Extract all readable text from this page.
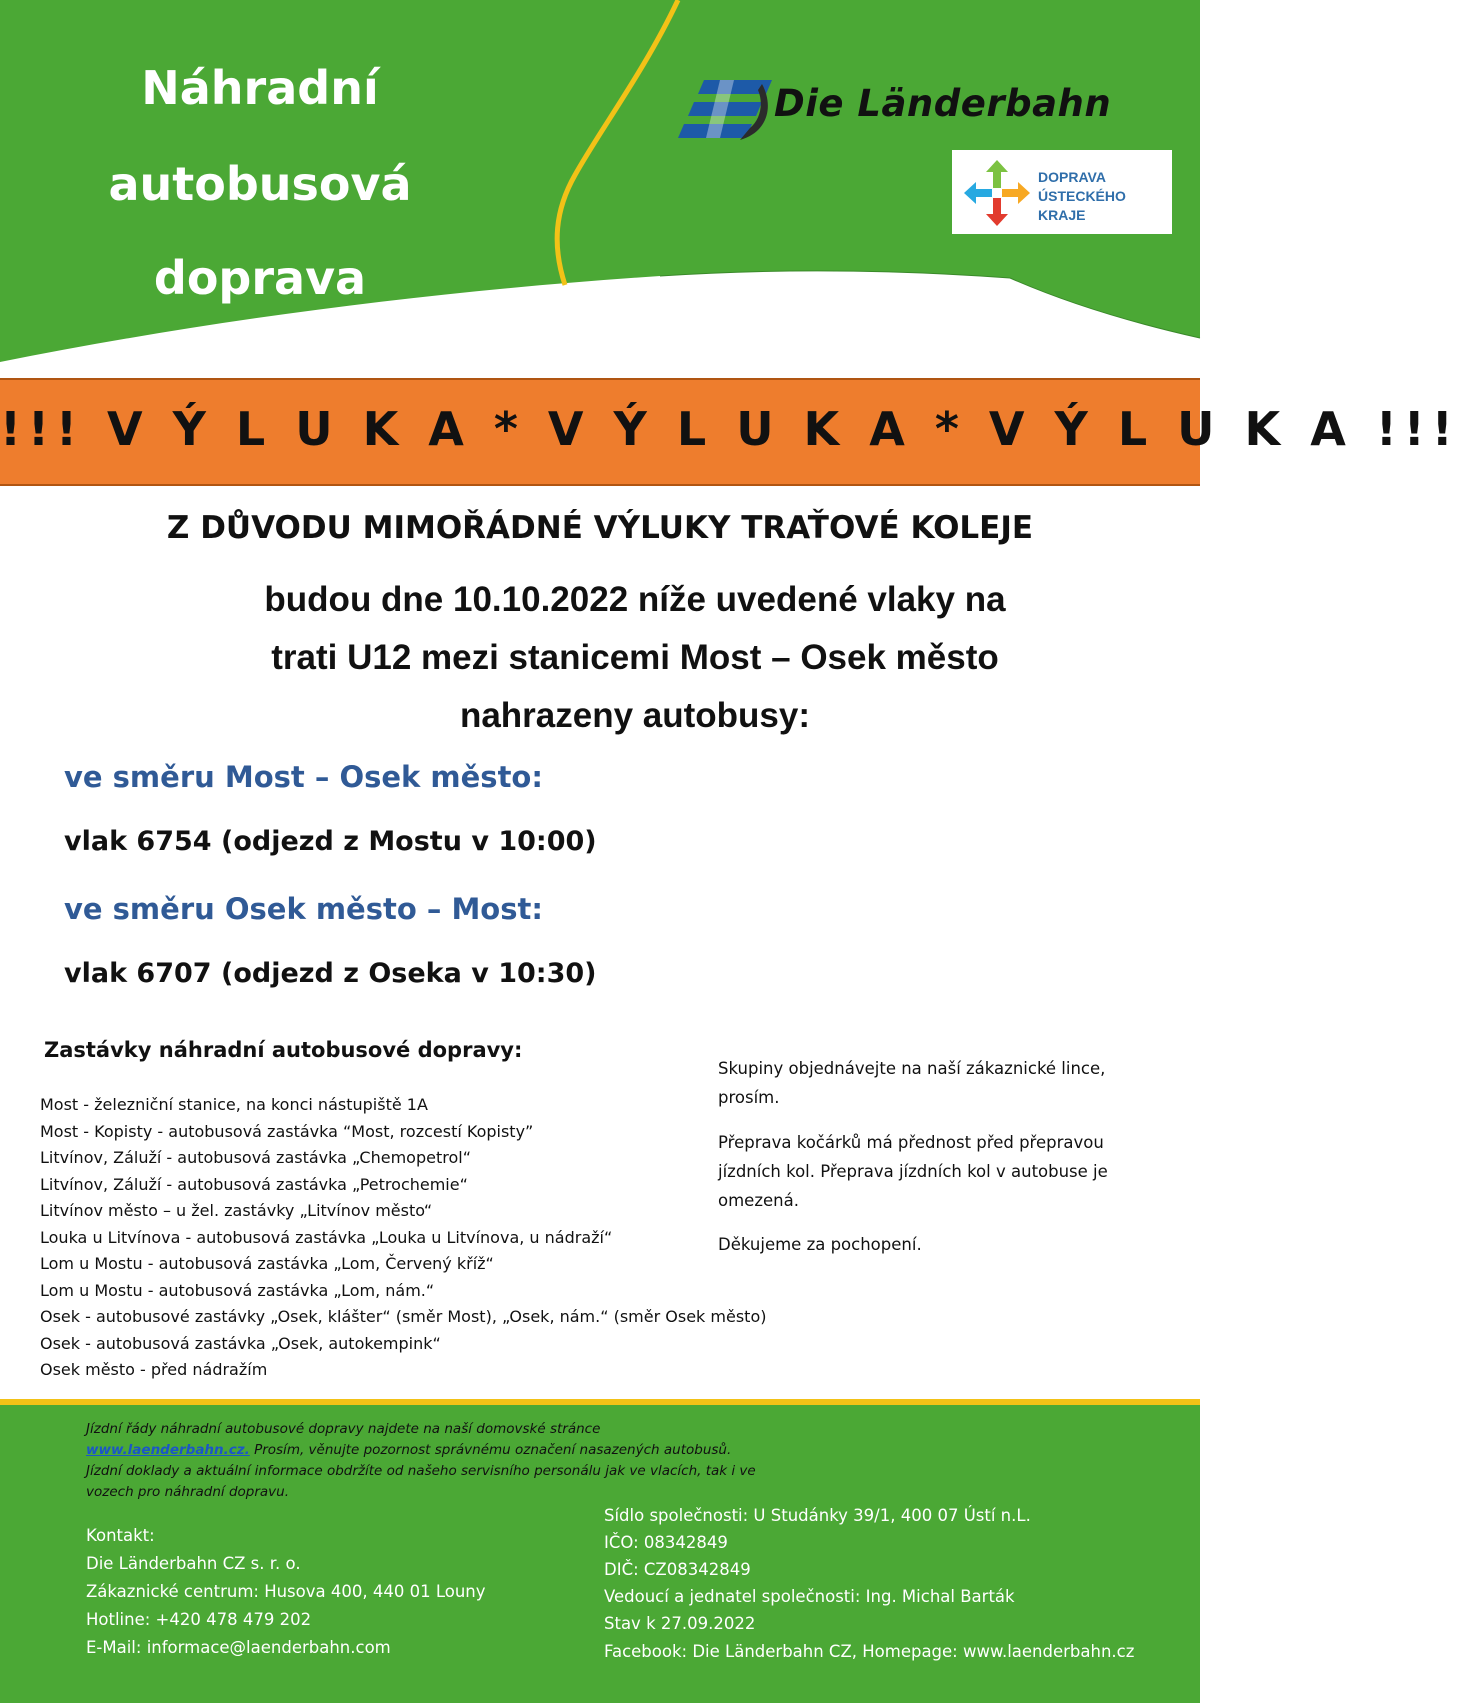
Náhradní
autobusová
doprava
Die Länderbahn
DOPRAVA
ÚSTECKÉHO
KRAJE
!!! V Ý L U K A * V Ý L U K A * V Ý L U K A !!!
Z DŮVODU MIMOŘÁDNÉ VÝLUKY TRAŤOVÉ KOLEJE
budou dne 10.10.2022 níže uvedené vlaky na
trati U12 mezi stanicemi Most – Osek město
nahrazeny autobusy:
ve směru Most – Osek město:
vlak 6754 (odjezd z Mostu v 10:00)
ve směru Osek město – Most:
vlak 6707 (odjezd z Oseka v 10:30)
Zastávky náhradní autobusové dopravy:
Most - železniční stanice, na konci nástupiště 1A
Most - Kopisty - autobusová zastávka “Most, rozcestí Kopisty”
Litvínov, Záluží - autobusová zastávka „Chemopetrol“
Litvínov, Záluží - autobusová zastávka „Petrochemie“
Litvínov město – u žel. zastávky „Litvínov město“
Louka u Litvínova - autobusová zastávka „Louka u Litvínova, u nádraží“
Lom u Mostu - autobusová zastávka „Lom, Červený kříž“
Lom u Mostu - autobusová zastávka „Lom, nám.“
Osek - autobusové zastávky „Osek, klášter“ (směr Most), „Osek, nám.“ (směr Osek město)
Osek - autobusová zastávka „Osek, autokempink“
Osek město - před nádražím
Skupiny objednávejte na naší zákaznické lince, prosím.
Přeprava kočárků má přednost před přepravou jízdních kol. Přeprava jízdních kol v autobuse je omezená.
Děkujeme za pochopení.
Jízdní řády náhradní autobusové dopravy najdete na naší domovské stránce
www.laenderbahn.cz. Prosím, věnujte pozornost správnému označení nasazených autobusů. Jízdní doklady a aktuální informace obdržíte od našeho servisního personálu jak ve vlacích, tak i ve vozech pro náhradní dopravu.
Kontakt:
Die Länderbahn CZ s. r. o.
Zákaznické centrum: Husova 400, 440 01 Louny
Hotline: +420 478 479 202
E-Mail: informace@laenderbahn.com
Sídlo společnosti: U Studánky 39/1, 400 07 Ústí n.L.
IČO: 08342849
DIČ: CZ08342849
Vedoucí a jednatel společnosti: Ing. Michal Barták
Stav k 27.09.2022
Facebook: Die Länderbahn CZ, Homepage: www.laenderbahn.cz
